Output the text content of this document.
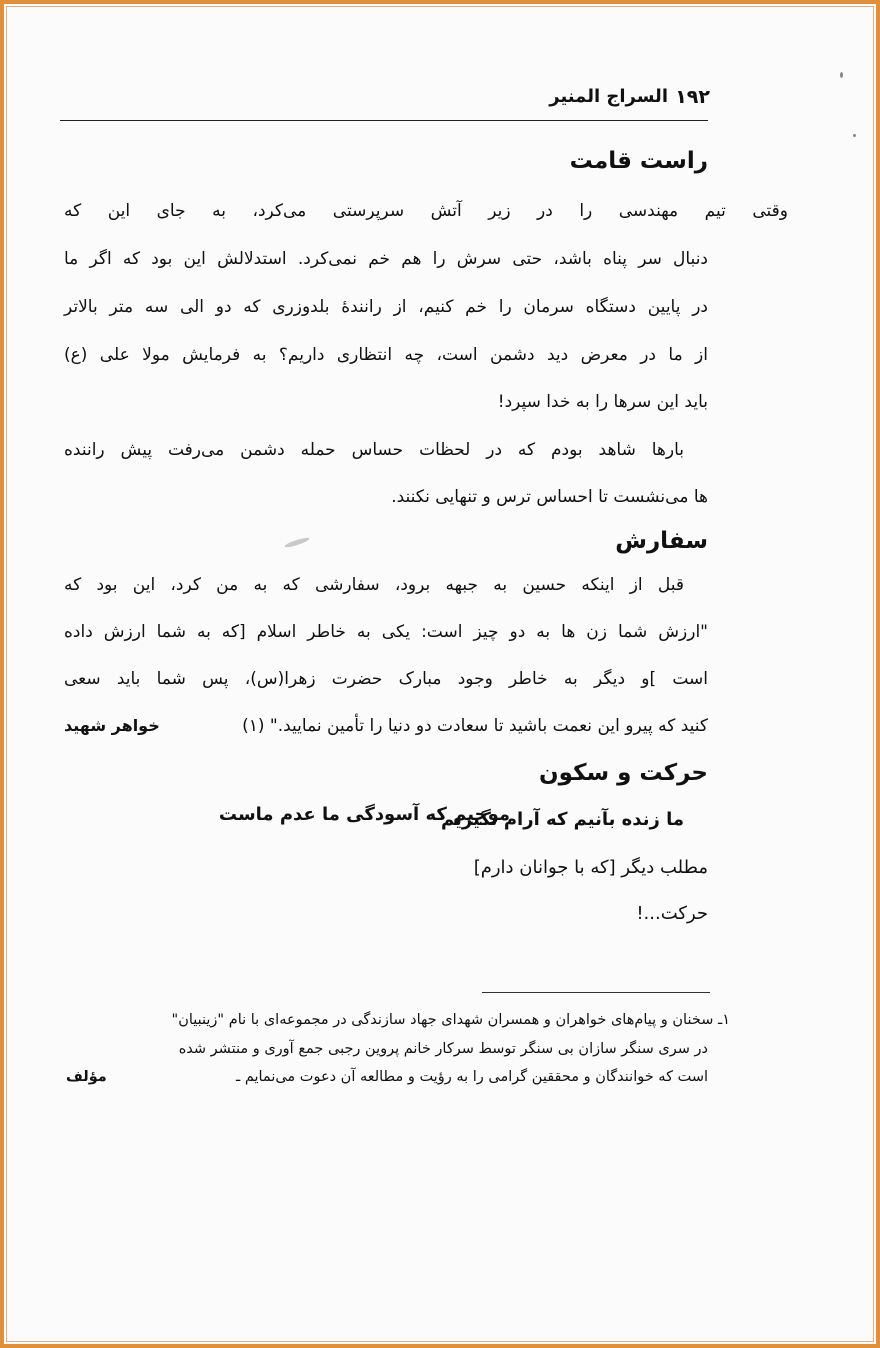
۱۹۲
السراج المنیر
راست قامت
وقتی تیم مهندسی را در زیر آتش سرپرستی می‌کرد، به جای این که
دنبال سر پناه باشد، حتی سرش را هم خم نمی‌کرد. استدلالش این بود که اگر ما
در پایین دستگاه سرمان را خم کنیم، از رانندهٔ بلدوزری که دو الی سه متر بالاتر
از ما در معرض دید دشمن است، چه انتظاری داریم؟ به فرمایش مولا علی (ع)
باید این سرها را به خدا سپرد!
بارها شاهد بودم که در لحظات حساس حمله دشمن می‌رفت پیش راننده
ها می‌نشست تا احساس ترس و تنهایی نکنند.
سفارش
قبل از اینکه حسین به جبهه برود، سفارشی که به من کرد، این بود که
"ارزش شما زن ها به دو چیز است: یکی به خاطر اسلام [که به شما ارزش داده
است ]و دیگر به خاطر وجود مبارک حضرت زهرا(س)، پس شما باید سعی
کنید که پیرو این نعمت باشید تا سعادت دو دنیا را تأمین نمایید." (۱)
خواهر شهید
حرکت و سکون
ما زنده بآنیم که آرام نگیریم
موجیم که آسودگی ما عدم ماست
مطلب دیگر [که با جوانان دارم]
حرکت...!
۱ـ سخنان و پیام‌های خواهران و همسران شهدای جهاد سازندگی در مجموعه‌ای با نام "زینبیان"
در سری سنگر سازان بی سنگر توسط سرکار خانم پروین رجبی جمع آوری و منتشر شده
است که خوانندگان و محققین گرامی را به رؤیت و مطالعه آن دعوت می‌نمایم ـ
مؤلف
